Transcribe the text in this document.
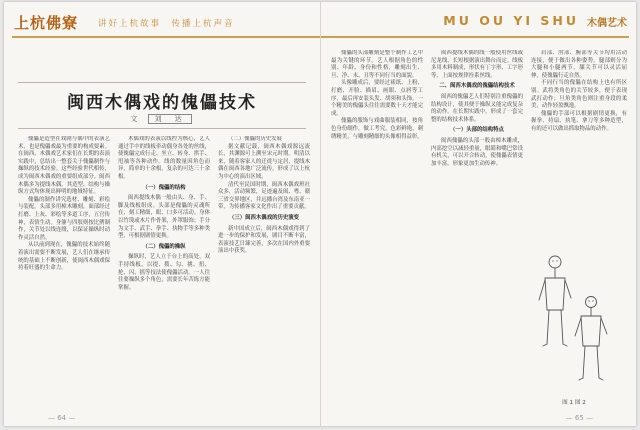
上杭佛寮 讲好上杭故事　传播上杭声音
闽西木偶戏的傀儡技术
文 刘　达

傀儡是造型在戏剧与偶中的表演艺术，也是傀儡戏最为重要的构成要素。在闽西，木偶戏艺术家们在长期的表演实践中，总结出一整套关于傀儡制作与操纵的技术经验。这些经验世代相传，成为闽西木偶戏的重要组成部分。闽西木偶多为提线木偶，其造型、结构与操纵方式均体现出鲜明的地域特征。

傀儡的制作讲究选材、雕刻、彩绘与装配。头部多用樟木雕刻，面部经过打磨、上灰、彩绘等多道工序，五官传神，表情生动。身躯与四肢则按比例制作，关节处以线连缀，以保证操纵时动作灵活自然。

从以前到现在，傀儡的技术始终随着演出需要不断发展，艺人们在继承传统的基础上不断创新，使闽西木偶戏保持着旺盛的生命力。

木偶戏的表演以线控为核心，艺人通过手中的线板牵动偶身各处的丝线，使傀儡完成行走、坐立、转身、拱手、甩袖等各种动作。线的数量因角色而异，简单的十余根，复杂的可达三十余根。

（一）傀儡的结构

闽西提线木偶一般由头、身、手、脚及线板组成。头部是傀儡的灵魂所在，刻工精细，眼、口多可活动。身体以竹篾或木片作骨架，外罩服饰；手分为文手、武手、拳手、执物手等多种类型，可根据剧情更换。

（二）傀儡的操纵

操纵时，艺人立于台上的高处，双手持线板，以提、拨、勾、挑、扭、抡、闪、摇等技法使傀儡活动。一人往往要操纵多个角色，需要长年苦练方能掌握。

（二）傀儡的历史发展

据文献记载，闽西木偶戏源远流长，其渊源可上溯至宋元时期。明清以来，随着客家人的迁徙与定居，提线木偶在闽西各地广泛流传，形成了以上杭为中心的演出区域。

清代至民国时期，闽西木偶戏班社众多，活动频繁，足迹遍及闽、粤、赣三省交界地区，并远播台湾及东南亚一带，为传播客家文化作出了重要贡献。

（三）闽西木偶戏的历史演变

新中国成立后，闽西木偶戏得到了进一步的保护和发展，剧目不断丰富，表演技艺日臻完善，多次在国内外重要演出中获奖。

— 64 —
MU OU YI SHU 木偶艺术

傀儡的头部雕刻是整个制作工艺中最为关键的环节。艺人根据角色的性别、年龄、身份和性格，雕刻出生、旦、净、末、丑等不同行当的面貌。

头像雕成后，要经过裱纸、上粉、打磨、开脸、描眉、画眼、点唇等工序，最后再安装头发、胡须和头饰。一个精美的傀儡头往往需要数十天才能完成。

傀儡的服饰与戏曲服装相同，按角色身份制作，做工考究，色彩鲜艳，刺绣精美，与雕刻精细的头像相得益彰。

闽西提线木偶的线一般使用丝线或尼龙线，长短根据演出舞台而定。线板多用木料制成，形状有丁字形、工字形等，上面按规律拴系丝线。

二、闽西木偶戏的傀儡结构技术

闽西的傀儡艺人们特别注重傀儡的结构设计，使其便于操纵又能完成复杂的动作。在长期实践中，形成了一套完整的结构技术体系。

（一）头部的结构特点

闽西傀儡的头部一般由樟木雕成，内部挖空以减轻重量，眼睛和嘴巴常设有机关，可以开合转动，使傀儡表情更加丰富，形象更加生动传神。

肩部、肘部、腕部等关节均用活动连接，便于做出各种姿势。腿部则分为大腿和小腿两节，膝关节可以灵活屈伸，使傀儡行走自然。

不同行当的傀儡在结构上也有所区别。武将类角色的关节较多，便于表现武打动作；旦角类角色则注重身段的柔美，动作轻盈飘逸。

傀儡的手部可以根据剧情更换，有握拳、持扇、执笔、拿刀等多种造型，有的还可以做出抓取物品的动作。

图 1 图 2
— 65 —
